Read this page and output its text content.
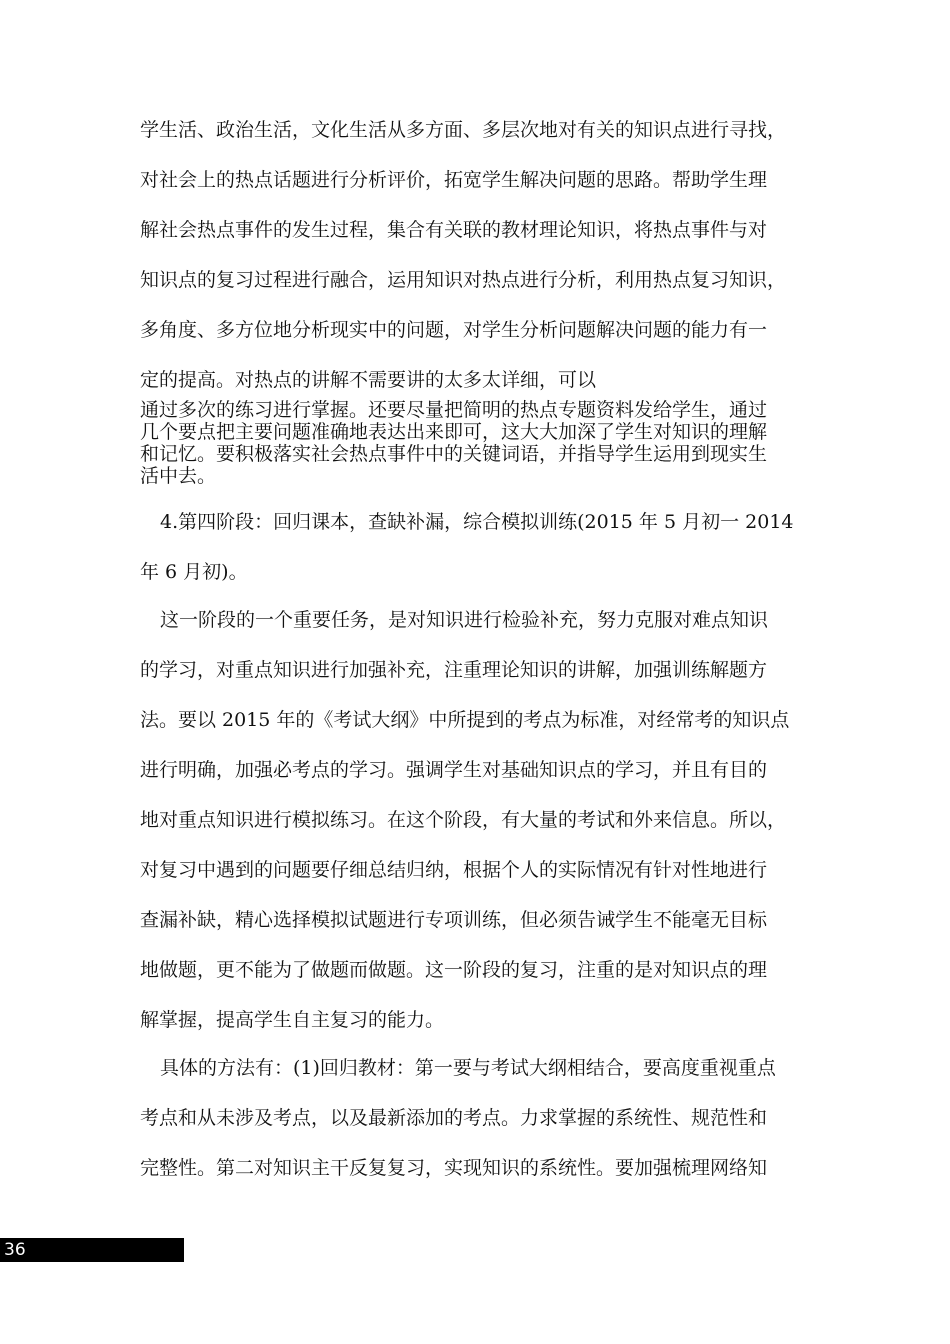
学生活、政治生活，文化生活从多方面、多层次地对有关的知识点进行寻找，
对社会上的热点话题进行分析评价，拓宽学生解决问题的思路。帮助学生理
解社会热点事件的发生过程，集合有关联的教材理论知识，将热点事件与对
知识点的复习过程进行融合，运用知识对热点进行分析，利用热点复习知识，
多角度、多方位地分析现实中的问题，对学生分析问题解决问题的能力有一
定的提高。对热点的讲解不需要讲的太多太详细，可以
通过多次的练习进行掌握。还要尽量把简明的热点专题资料发给学生，通过
几个要点把主要问题准确地表达出来即可，这大大加深了学生对知识的理解
和记忆。要积极落实社会热点事件中的关键词语，并指导学生运用到现实生
活中去。
4.第四阶段：回归课本，查缺补漏，综合模拟训练(2015 年 5 月初一 2014
年 6 月初)。
这一阶段的一个重要任务，是对知识进行检验补充，努力克服对难点知识
的学习，对重点知识进行加强补充，注重理论知识的讲解，加强训练解题方
法。要以 2015 年的《考试大纲》中所提到的考点为标准，对经常考的知识点
进行明确，加强必考点的学习。强调学生对基础知识点的学习，并且有目的
地对重点知识进行模拟练习。在这个阶段，有大量的考试和外来信息。所以，
对复习中遇到的问题要仔细总结归纳，根据个人的实际情况有针对性地进行
查漏补缺，精心选择模拟试题进行专项训练，但必须告诫学生不能毫无目标
地做题，更不能为了做题而做题。这一阶段的复习，注重的是对知识点的理
解掌握，提高学生自主复习的能力。
具体的方法有：(1)回归教材：第一要与考试大纲相结合，要高度重视重点
考点和从未涉及考点，以及最新添加的考点。力求掌握的系统性、规范性和
完整性。第二对知识主干反复复习，实现知识的系统性。要加强梳理网络知
36
